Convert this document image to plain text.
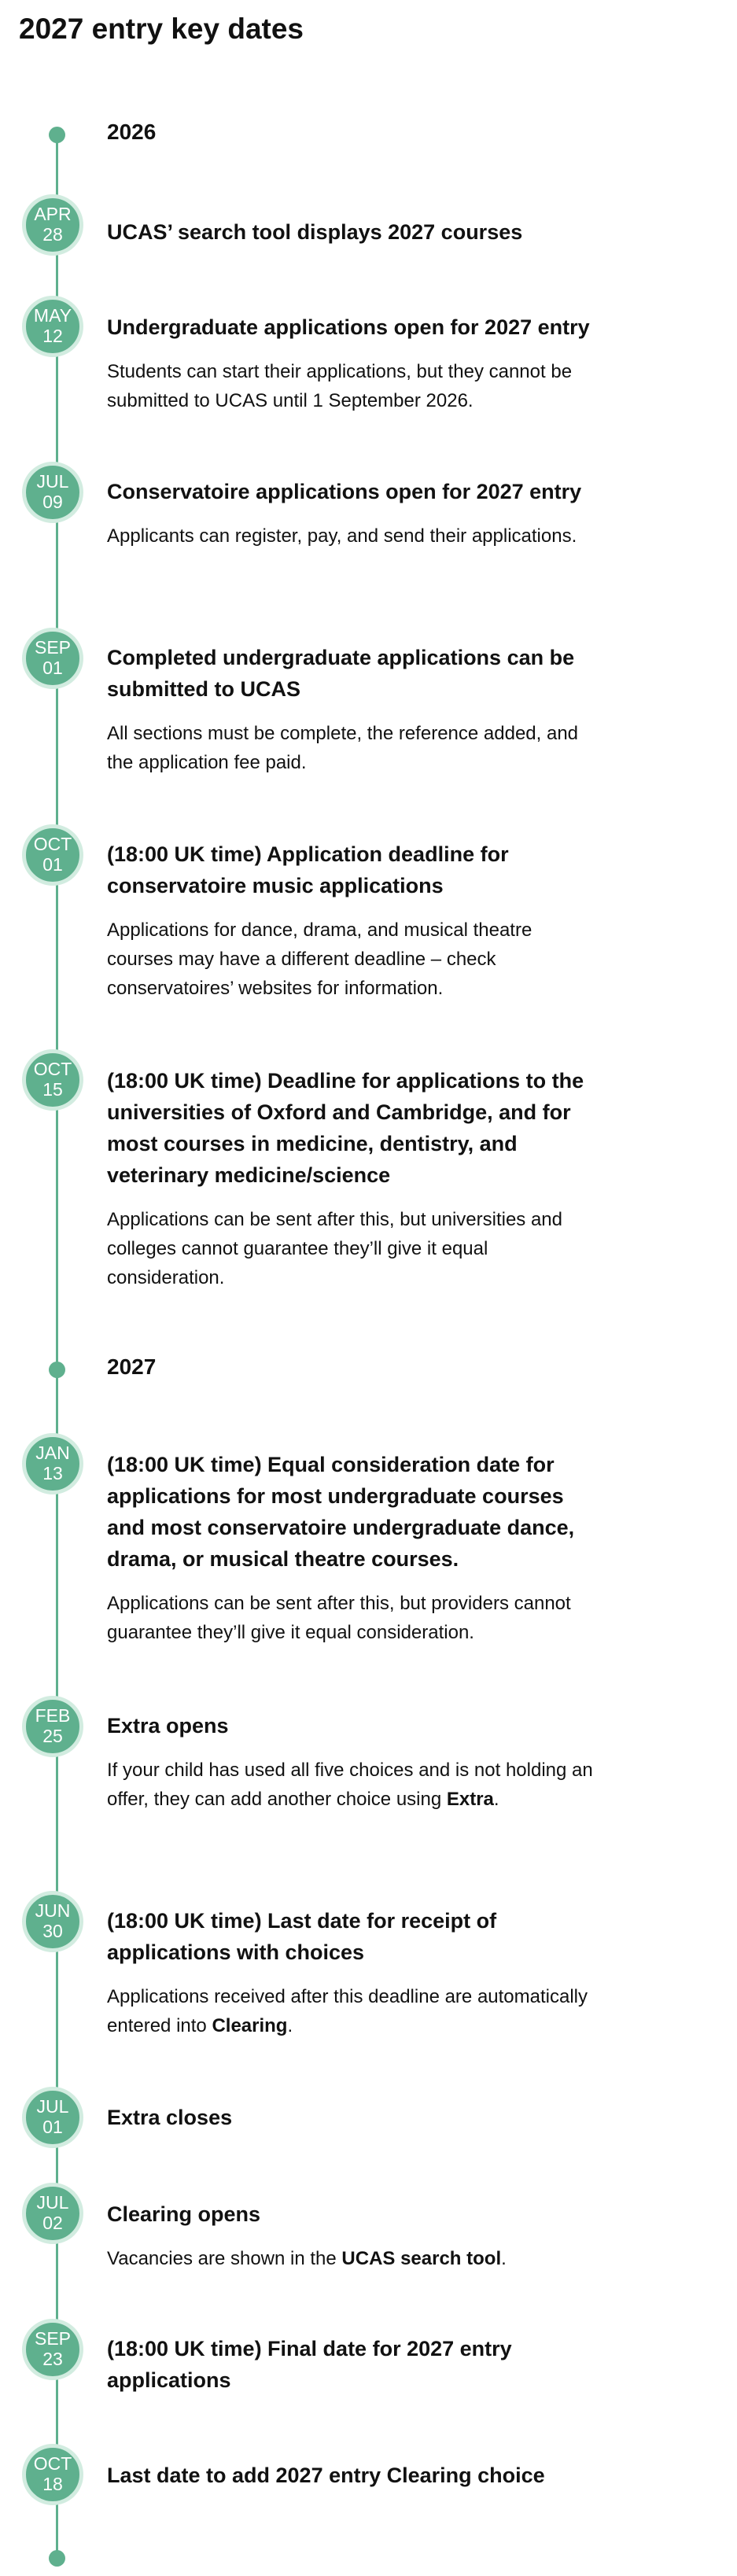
2027 entry key dates
2026
APR
28 UCAS’ search tool displays 2027 courses
MAY
12 Undergraduate applications open for 2027 entry

Students can start their applications, but they cannot be submitted to UCAS until 1 September 2026.

JUL
09 Conservatoire applications open for 2027 entry

Applicants can register, pay, and send their applications.

SEP
01 Completed undergraduate applications can be submitted to UCAS

All sections must be complete, the reference added, and the application fee paid.

OCT
01 (18:00 UK time) Application deadline for conservatoire music applications

Applications for dance, drama, and musical theatre courses may have a different deadline – check conservatoires’ websites for information.

OCT
15 (18:00 UK time) Deadline for applications to the universities of Oxford and Cambridge, and for most courses in medicine, dentistry, and veterinary medicine/science

Applications can be sent after this, but universities and colleges cannot guarantee they’ll give it equal consideration.

2027
JAN
13 (18:00 UK time) Equal consideration date for applications for most undergraduate courses and most conservatoire undergraduate dance, drama, or musical theatre courses.

Applications can be sent after this, but providers cannot guarantee they’ll give it equal consideration.

FEB
25 Extra opens

If your child has used all five choices and is not holding an offer, they can add another choice using Extra.

JUN
30 (18:00 UK time) Last date for receipt of applications with choices

Applications received after this deadline are automatically entered into Clearing.

JUL
01 Extra closes
JUL
02 Clearing opens

Vacancies are shown in the UCAS search tool.

SEP
23 (18:00 UK time) Final date for 2027 entry applications
OCT
18 Last date to add 2027 entry Clearing choice
